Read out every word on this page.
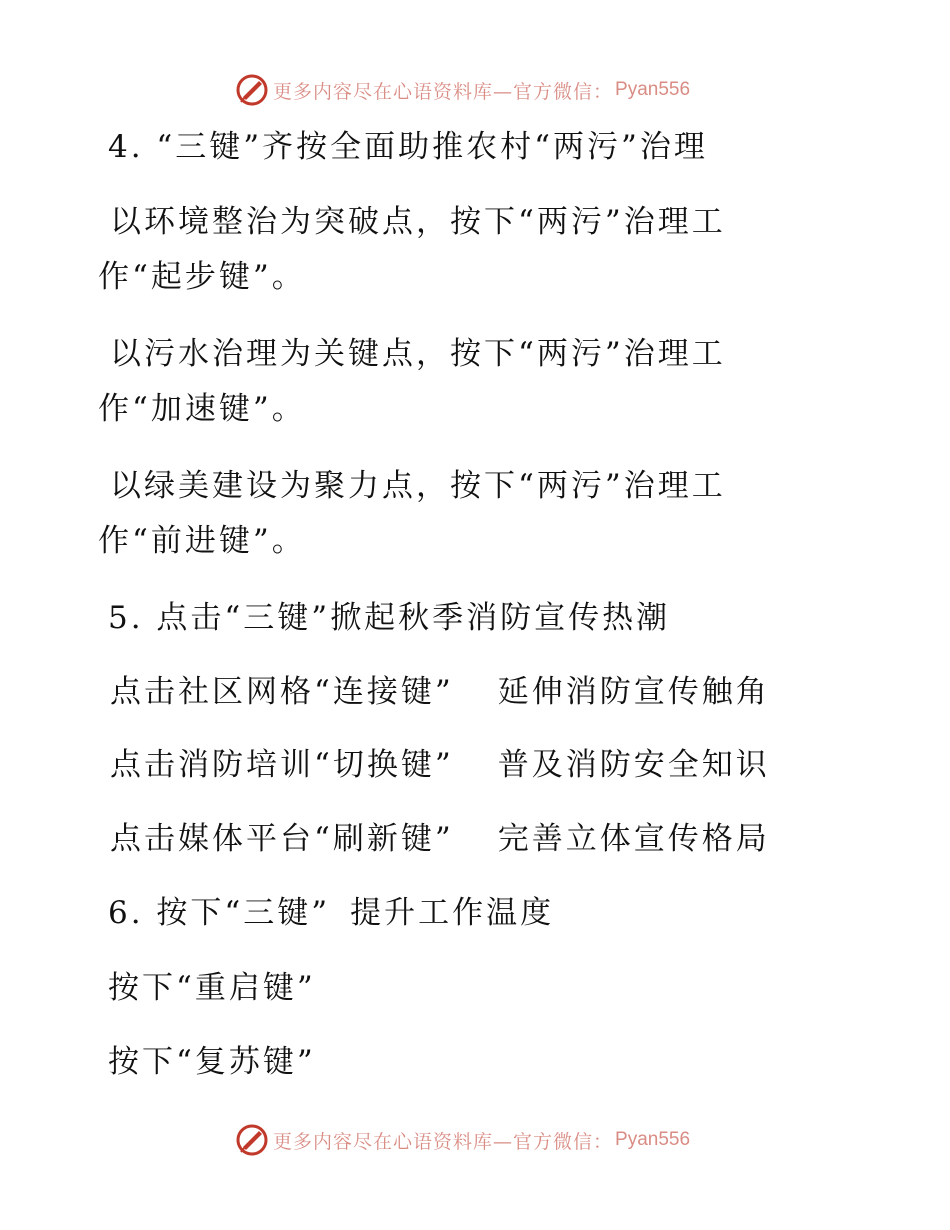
更多内容尽在心语资料库—官方微信： Pyan556
4. “三键”齐按全面助推农村“两污”治理
以环境整治为突破点，按下“两污”治理工
作“起步键”。
以污水治理为关键点，按下“两污”治理工
作“加速键”。
以绿美建设为聚力点，按下“两污”治理工
作“前进键”。
5. 点击“三键”掀起秋季消防宣传热潮
点击社区网格“连接键” 延伸消防宣传触角
点击消防培训“切换键” 普及消防安全知识
点击媒体平台“刷新键” 完善立体宣传格局
6. 按下“三键” 提升工作温度
按下“重启键”
按下“复苏键”
更多内容尽在心语资料库—官方微信： Pyan556
